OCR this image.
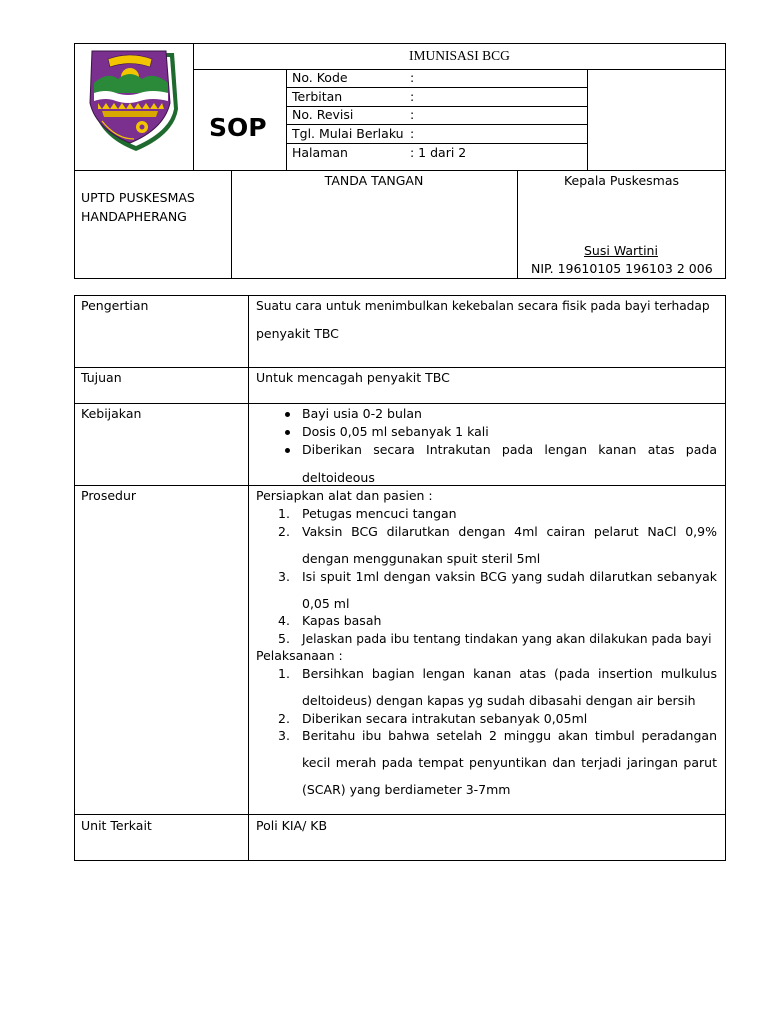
IMUNISASI BCG
SOP
No. Kode	:
Terbitan	:
No. Revisi	:
Tgl. Mulai Berlaku :
Halaman	: 1 dari 2
UPTD PUSKESMAS
HANDAPHERANG
TANDA TANGAN	Kepala Puskesmas
Susi Wartini
NIP. 19610105 196103 2 006
Pengertian	Suatu cara untuk menimbulkan kekebalan secara fisik pada bayi terhadap
penyakit TBC
Tujuan	Untuk mencagah penyakit TBC
Kebijakan	Bayi usia 0-2 bulan
Dosis 0,05 ml sebanyak 1 kali
Diberikan secara Intrakutan pada lengan kanan atas pada
deltoideous
Prosedur	Persiapkan alat dan pasien :
1. Petugas mencuci tangan
2. Vaksin BCG dilarutkan dengan 4ml cairan pelarut NaCl 0,9%
dengan menggunakan spuit steril 5ml
3. Isi spuit 1ml dengan vaksin BCG yang sudah dilarutkan sebanyak
0,05 ml
4. Kapas basah
5. Jelaskan pada ibu tentang tindakan yang akan dilakukan pada bayi
Pelaksanaan :
1. Bersihkan bagian lengan kanan atas (pada insertion mulkulus
deltoideus) dengan kapas yg sudah dibasahi dengan air bersih
2. Diberikan secara intrakutan sebanyak 0,05ml
3. Beritahu ibu bahwa setelah 2 minggu akan timbul peradangan
kecil merah pada tempat penyuntikan dan terjadi jaringan parut
(SCAR) yang berdiameter 3-7mm
Unit Terkait	Poli KIA/ KB
